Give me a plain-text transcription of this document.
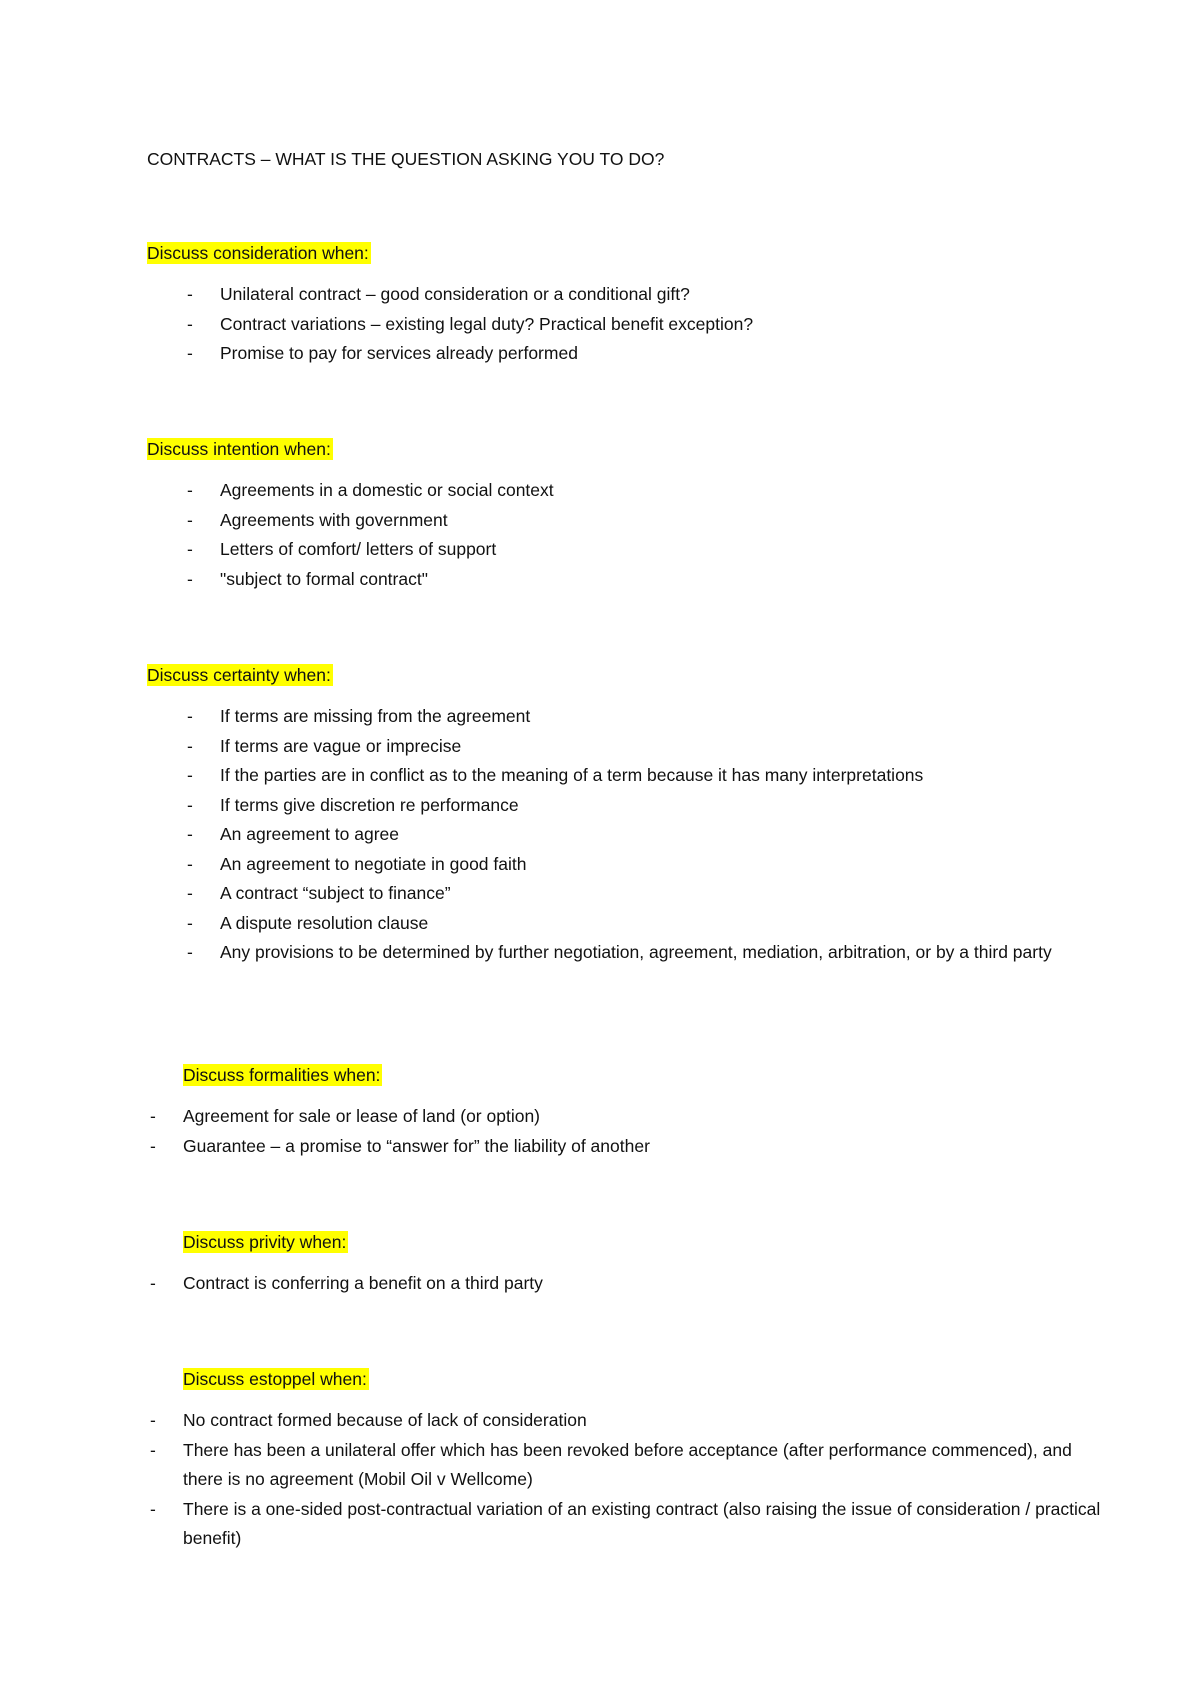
CONTRACTS – WHAT IS THE QUESTION ASKING YOU TO DO?
Discuss consideration when:
- Unilateral contract – good consideration or a conditional gift?
- Contract variations – existing legal duty? Practical benefit exception?
- Promise to pay for services already performed
Discuss intention when:
- Agreements in a domestic or social context
- Agreements with government
- Letters of comfort/ letters of support
- "subject to formal contract"
Discuss certainty when:
- If terms are missing from the agreement
- If terms are vague or imprecise
- If the parties are in conflict as to the meaning of a term because it has many interpretations
- If terms give discretion re performance
- An agreement to agree
- An agreement to negotiate in good faith
- A contract “subject to finance”
- A dispute resolution clause
- Any provisions to be determined by further negotiation, agreement, mediation, arbitration, or by a third party
Discuss formalities when:
- Agreement for sale or lease of land (or option)
- Guarantee – a promise to “answer for” the liability of another
Discuss privity when:
- Contract is conferring a benefit on a third party
Discuss estoppel when:
- No contract formed because of lack of consideration
- There has been a unilateral offer which has been revoked before acceptance (after performance commenced), and there is no agreement (Mobil Oil v Wellcome)
- There is a one-sided post-contractual variation of an existing contract (also raising the issue of consideration / practical benefit)
